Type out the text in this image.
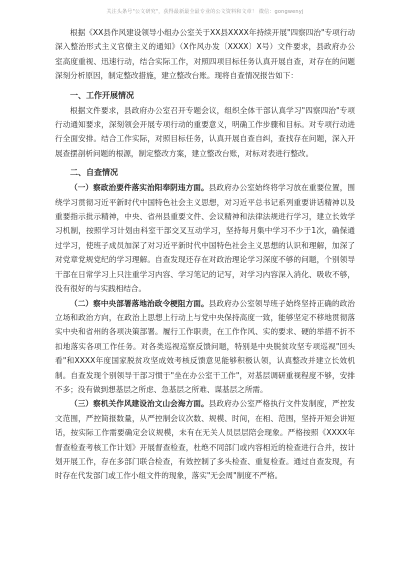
关注头条号"公文研究"，获得最新最全最专业的公文资料和文章！ 微信：gongwenyj

根据《XX县作风建设领导小组办公室关于XX县XXXX年持续开展"四察四治"专项行动深入整治形式主义官僚主义的通知》（X作风办发〔XXXX〕X号）文件要求，县政府办公室高度重视、迅速行动，结合实际工作，对照四项目标任务认真开展自查，对存在的问题深刻分析原因，制定整改措施，建立整改台账。现将自查情况报告如下：

一、工作开展情况

根据文件要求，县政府办公室召开专题会议，组织全体干部认真学习"四察四治"专项行动通知要求，深刻领会开展专项行动的重要意义，明确工作步骤和目标。对专项行动进行全面安排。结合工作实际，对照目标任务，认真开展自查自纠，查找存在问题，深入开展查摆剖析问题的根源，制定整改方案，建立整改台账，对标对表进行整改。

二、自查情况

（一）察政治要件落实治阳奉阴违方面。县政府办公室始终将学习放在重要位置，围绕学习贯彻习近平新时代中国特色社会主义思想，对习近平总书记系列重要讲话精神以及重要指示批示精神，中央、省州县重要文件、会议精神和法律法规进行学习，建立长效学习机制，按照学习计划由科室干部交叉互动学习，坚持每月集中学习不少于1次，确保通过学习，使班子成员加深了对习近平新时代中国特色社会主义思想的认识和理解，加深了对党章党规党纪的学习理解。自查发现还存在对政治理论学习深度不够的问题，个别领导干部在日常学习上只注重学习内容、学习笔记的记写，对学习内容深入消化、吸收不够，没有很好的与实践相结合。

（二）察中央部署落地治政令梗阻方面。县政府办公室领导班子始终坚持正确的政治立场和政治方向，在政治上思想上行动上与党中央保持高度一致，能够坚定不移地贯彻落实中央和省州的各项决策部署。履行工作职责，在工作作风、实的要求、硬的举措不折不扣地落实各项工作任务。对各类巡视巡察反馈问题，特别是中央脱贫攻坚专项巡视"回头看"和XXXX年度国家脱贫攻坚成效考核反馈意见能够积极认领，认真整改并建立长效机制。自查发现个别领导干部习惯于"坐在办公室干工作"，对基层调研重视程度不够，安排不多；没有做到想基层之所虑、急基层之所难、谋基层之所需。

（三）察机关作风建设治文山会海方面。县政府办公室严格执行文件发制度，严控发文范围，严控简报数量，从严控制会议次数、规模、时间，在相、范围，坚持开短会讲短话，按实际工作需要确定会议规模，未有在无关人员层层陪会现象。严格按照《XXXX年督查检查考核工作计划》开展督查检查，杜绝不同部门或内容相近的检查进行合并，按计划开展工作，存在多部门联合检查，有效控制了多头检查、重复检查。通过自查发现，有时存在代发部门或工作小组文件的现象，落实"无会周"制度不严格。
